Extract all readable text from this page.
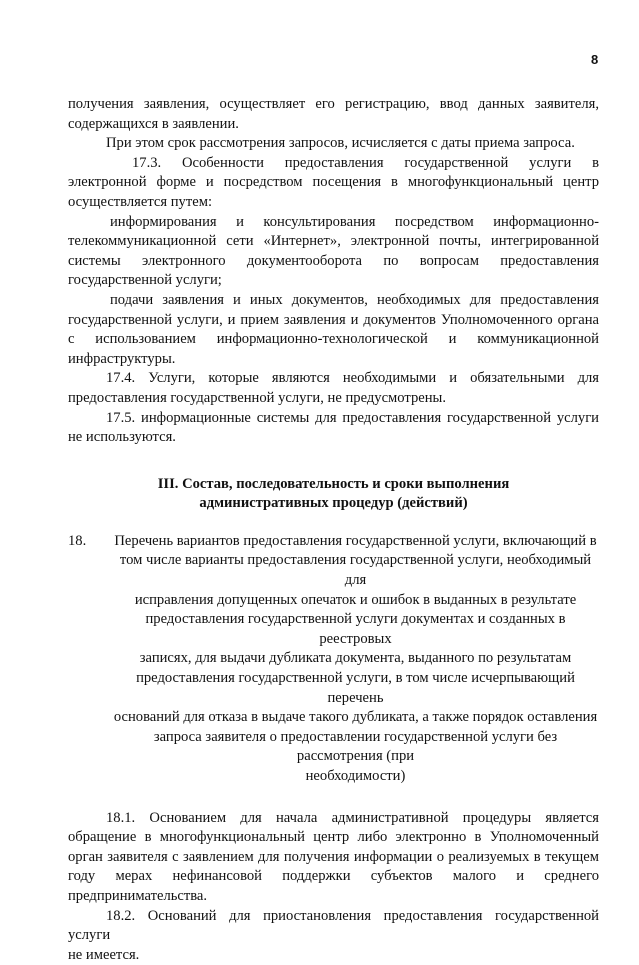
8

получения заявления, осуществляет его регистрацию, ввод данных заявителя,

содержащихся в заявлении.

При этом срок рассмотрения запросов, исчисляется с даты приема запроса.

17.3. Особенности предоставления государственной услуги в

электронной форме и посредством посещения в многофункциональный центр

осуществляется путем:

информирования и консультирования посредством информационно-

телекоммуникационной сети «Интернет», электронной почты, интегрированной

системы электронного документооборота по вопросам предоставления

государственной услуги;

подачи заявления и иных документов, необходимых для предоставления

государственной услуги, и прием заявления и документов Уполномоченного органа

с использованием информационно-технологической и коммуникационной

инфраструктуры.

17.4. Услуги, которые являются необходимыми и обязательными для

предоставления государственной услуги, не предусмотрены.

17.5. информационные системы для предоставления государственной услуги

не используются.

III. Состав, последовательность и сроки выполнения

административных процедур (действий)

18. Перечень вариантов предоставления государственной услуги, включающий в

том числе варианты предоставления государственной услуги, необходимый для

исправления допущенных опечаток и ошибок в выданных в результате

предоставления государственной услуги документах и созданных в реестровых

записях, для выдачи дубликата документа, выданного по результатам

предоставления государственной услуги, в том числе исчерпывающий перечень

оснований для отказа в выдаче такого дубликата, а также порядок оставления

запроса заявителя о предоставлении государственной услуги без рассмотрения (при

необходимости)

18.1. Основанием для начала административной процедуры является

обращение в многофункциональный центр либо электронно в Уполномоченный

орган заявителя с заявлением для получения информации о реализуемых в текущем

году мерах нефинансовой поддержки субъектов малого и среднего

предпринимательства.

18.2. Оснований для приостановления предоставления государственной услуги

не имеется.
